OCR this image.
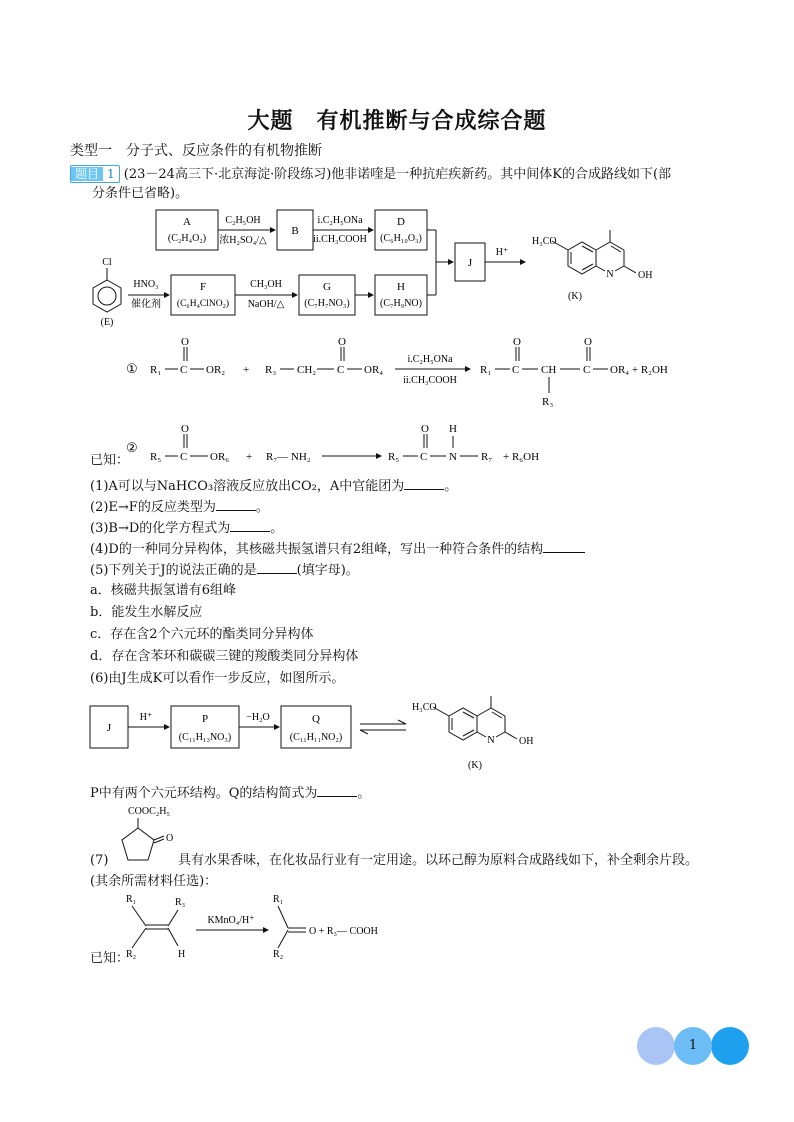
大题　有机推断与合成综合题
类型一　分子式、反应条件的有机物推断
题目 1 (23－24高三下·北京海淀·阶段练习)他非诺喹是一种抗疟疾新药。其中间体K的合成路线如下(部
分条件已省略)。
A
(C₂H₄O₂)
C₂H₅OH
浓H₂SO₄/△
B
i.C₂H₅ONa
ii.CH₃COOH
D
(C₆H₁₀O₃)
Cl
(E)
HNO₃
催化剂
F
(C₆H₄ClNO₂)
CH₃OH
NaOH/△
G
(C₇H₇NO₃)
H
(C₇H₉NO)
J
H⁺
H₃CO
N OH
(K)
① R₁ C
O
OR₂ + R₃ CH₂ C
O
OR₄
i.C₂H₅ONa
ii.CH₃COOH
R₁ C
O
CH
R₃
C
O
OR₄ + R₂OH
已知：
②
R₅ C
O
OR₆ + R₇— NH₂	R₅ C
O
N
H
R₇ + R₆OH
(1)A可以与NaHCO₃溶液反应放出CO₂，A中官能团为	。
(2)E→F的反应类型为	。
(3)B→D的化学方程式为	。
(4)D的一种同分异构体，其核磁共振氢谱只有2组峰，写出一种符合条件的结构
(5)下列关于J的说法正确的是	(填字母)。
a．核磁共振氢谱有6组峰
b．能发生水解反应
c．存在含2个六元环的酯类同分异构体
d．存在含苯环和碳碳三键的羧酸类同分异构体
(6)由J生成K可以看作一步反应，如图所示。
J
H⁺	P
(C₁₁H₁₃NO₃)
−H₂O	Q
(C₁₁H₁₁NO₂)
H₃CO
N OH
(K)
P中有两个六元环结构。Q的结构简式为	。
COOC₂H₅
O
(7)	具有水果香味，在化妆品行业有一定用途。以环己醇为原料合成路线如下，补全剩余片段。
(其余所需材料任选)：
已知：
R₁
R₂
R₃
H
KMnO₄/H⁺
R₁
R₂
O + R₃— COOH
1
